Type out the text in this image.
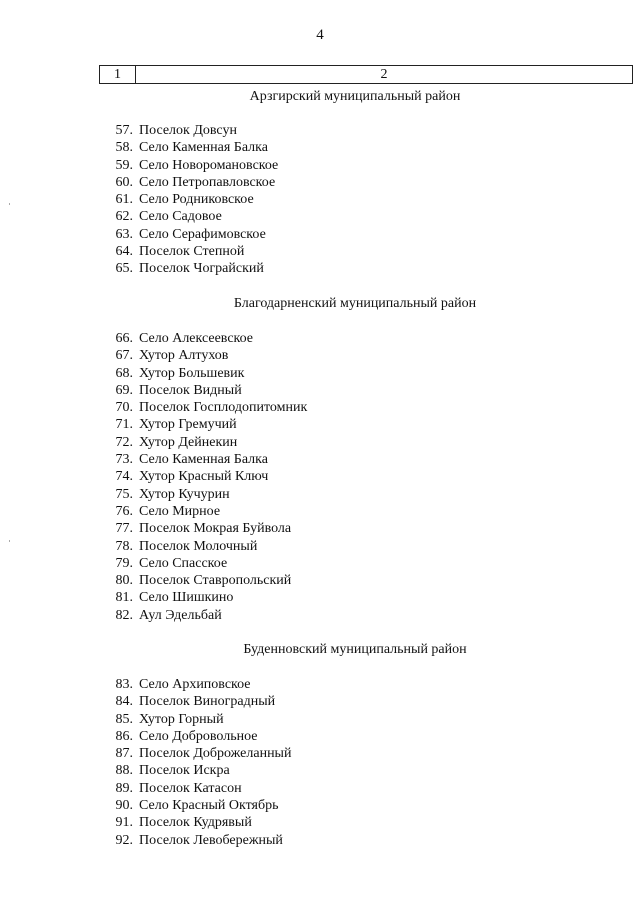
4
1	2
Арзгирский муниципальный район
57. Поселок Довсун
58. Село Каменная Балка
59. Село Новоромановское
60. Село Петропавловское
61. Село Родниковское
62. Село Садовое
63. Село Серафимовское
64. Поселок Степной
65. Поселок Чограйский
Благодарненский муниципальный район
66. Село Алексеевское
67. Хутор Алтухов
68. Хутор Большевик
69. Поселок Видный
70. Поселок Госплодопитомник
71. Хутор Гремучий
72. Хутор Дейнекин
73. Село Каменная Балка
74. Хутор Красный Ключ
75. Хутор Кучурин
76. Село Мирное
77. Поселок Мокрая Буйвола
78. Поселок Молочный
79. Село Спасское
80. Поселок Ставропольский
81. Село Шишкино
82. Аул Эдельбай
Буденновский муниципальный район
83. Село Архиповское
84. Поселок Виноградный
85. Хутор Горный
86. Село Добровольное
87. Поселок Доброжеланный
88. Поселок Искра
89. Поселок Катасон
90. Село Красный Октябрь
91. Поселок Кудрявый
92. Поселок Левобережный
